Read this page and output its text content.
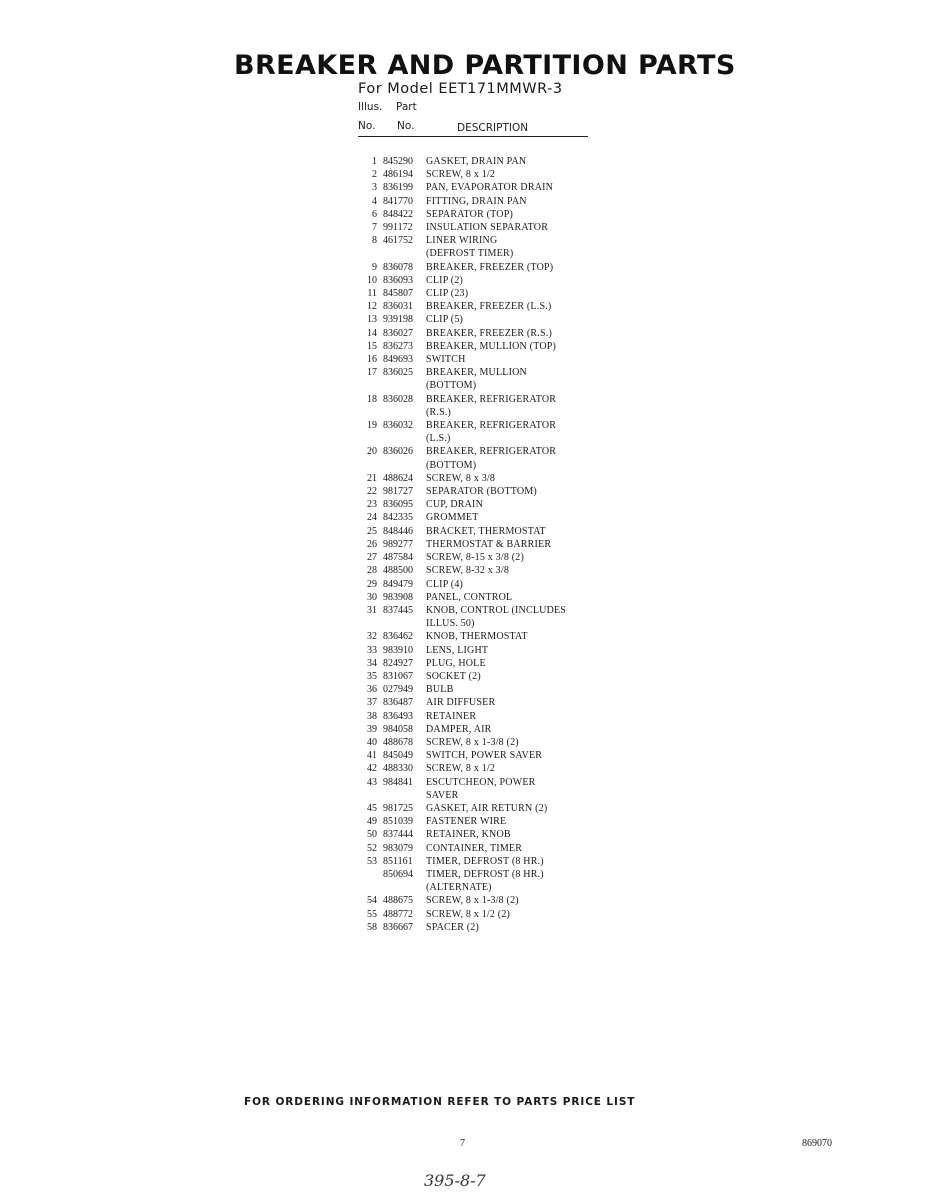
BREAKER AND PARTITION PARTS
For Model EET171MMWR-3
Illus. Part
No. No.	DESCRIPTION
1 845290	GASKET, DRAIN PAN
2 486194	SCREW, 8 x 1/2
3 836199	PAN, EVAPORATOR DRAIN
4 841770	FITTING, DRAIN PAN
6 848422	SEPARATOR (TOP)
7 991172	INSULATION SEPARATOR
8 461752	LINER WIRING
(DEFROST TIMER)
9 836078	BREAKER, FREEZER (TOP)
10 836093	CLIP (2)
11 845807	CLIP (23)
12 836031	BREAKER, FREEZER (L.S.)
13 939198	CLIP (5)
14 836027	BREAKER, FREEZER (R.S.)
15 836273	BREAKER, MULLION (TOP)
16 849693	SWITCH
17 836025	BREAKER, MULLION
(BOTTOM)
18 836028	BREAKER, REFRIGERATOR
(R.S.)
19 836032	BREAKER, REFRIGERATOR
(L.S.)
20 836026	BREAKER, REFRIGERATOR
(BOTTOM)
21 488624	SCREW, 8 x 3/8
22 981727	SEPARATOR (BOTTOM)
23 836095	CUP, DRAIN
24 842335	GROMMET
25 848446	BRACKET, THERMOSTAT
26 989277	THERMOSTAT & BARRIER
27 487584	SCREW, 8-15 x 3/8 (2)
28 488500	SCREW, 8-32 x 3/8
29 849479	CLIP (4)
30 983908	PANEL, CONTROL
31 837445	KNOB, CONTROL (INCLUDES
ILLUS. 50)
32 836462	KNOB, THERMOSTAT
33 983910	LENS, LIGHT
34 824927	PLUG, HOLE
35 831067	SOCKET (2)
36 027949	BULB
37 836487	AIR DIFFUSER
38 836493	RETAINER
39 984058	DAMPER, AIR
40 488678	SCREW, 8 x 1-3/8 (2)
41 845049	SWITCH, POWER SAVER
42 488330	SCREW, 8 x 1/2
43 984841	ESCUTCHEON, POWER
SAVER
45 981725	GASKET, AIR RETURN (2)
49 851039	FASTENER WIRE
50 837444	RETAINER, KNOB
52 983079	CONTAINER, TIMER
53 851161	TIMER, DEFROST (8 HR.)
850694	TIMER, DEFROST (8 HR.)
(ALTERNATE)
54 488675	SCREW, 8 x 1-3/8 (2)
55 488772	SCREW, 8 x 1/2 (2)
58 836667	SPACER (2)
FOR ORDERING INFORMATION REFER TO PARTS PRICE LIST
7	869070
395-8-7
